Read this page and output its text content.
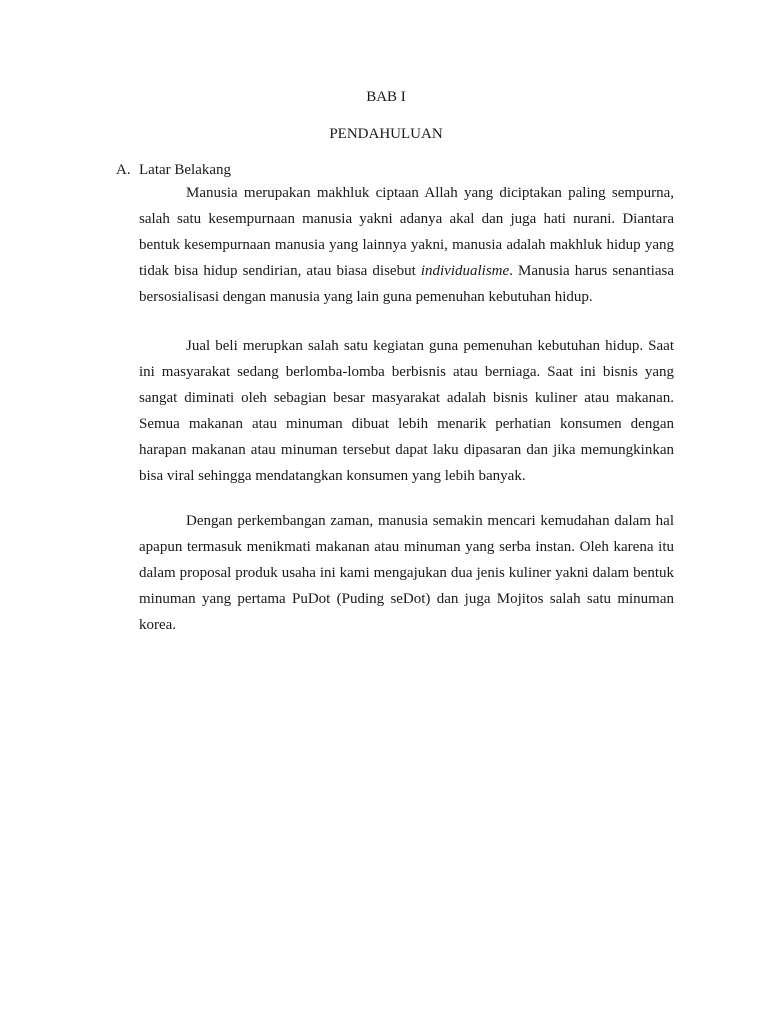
BAB I
PENDAHULUAN
A. Latar Belakang

Manusia merupakan makhluk ciptaan Allah yang diciptakan paling sempurna, salah satu kesempurnaan manusia yakni adanya akal dan juga hati nurani. Diantara bentuk kesempurnaan manusia yang lainnya yakni, manusia adalah makhluk hidup yang tidak bisa hidup sendirian, atau biasa disebut individualisme. Manusia harus senantiasa bersosialisasi dengan manusia yang lain guna pemenuhan kebutuhan hidup.

Jual beli merupkan salah satu kegiatan guna pemenuhan kebutuhan hidup. Saat ini masyarakat sedang berlomba-lomba berbisnis atau berniaga. Saat ini bisnis yang sangat diminati oleh sebagian besar masyarakat adalah bisnis kuliner atau makanan. Semua makanan atau minuman dibuat lebih menarik perhatian konsumen dengan harapan makanan atau minuman tersebut dapat laku dipasaran dan jika memungkinkan bisa viral sehingga mendatangkan konsumen yang lebih banyak.

Dengan perkembangan zaman, manusia semakin mencari kemudahan dalam hal apapun termasuk menikmati makanan atau minuman yang serba instan. Oleh karena itu dalam proposal produk usaha ini kami mengajukan dua jenis kuliner yakni dalam bentuk minuman yang pertama PuDot (Puding seDot) dan juga Mojitos salah satu minuman korea.
